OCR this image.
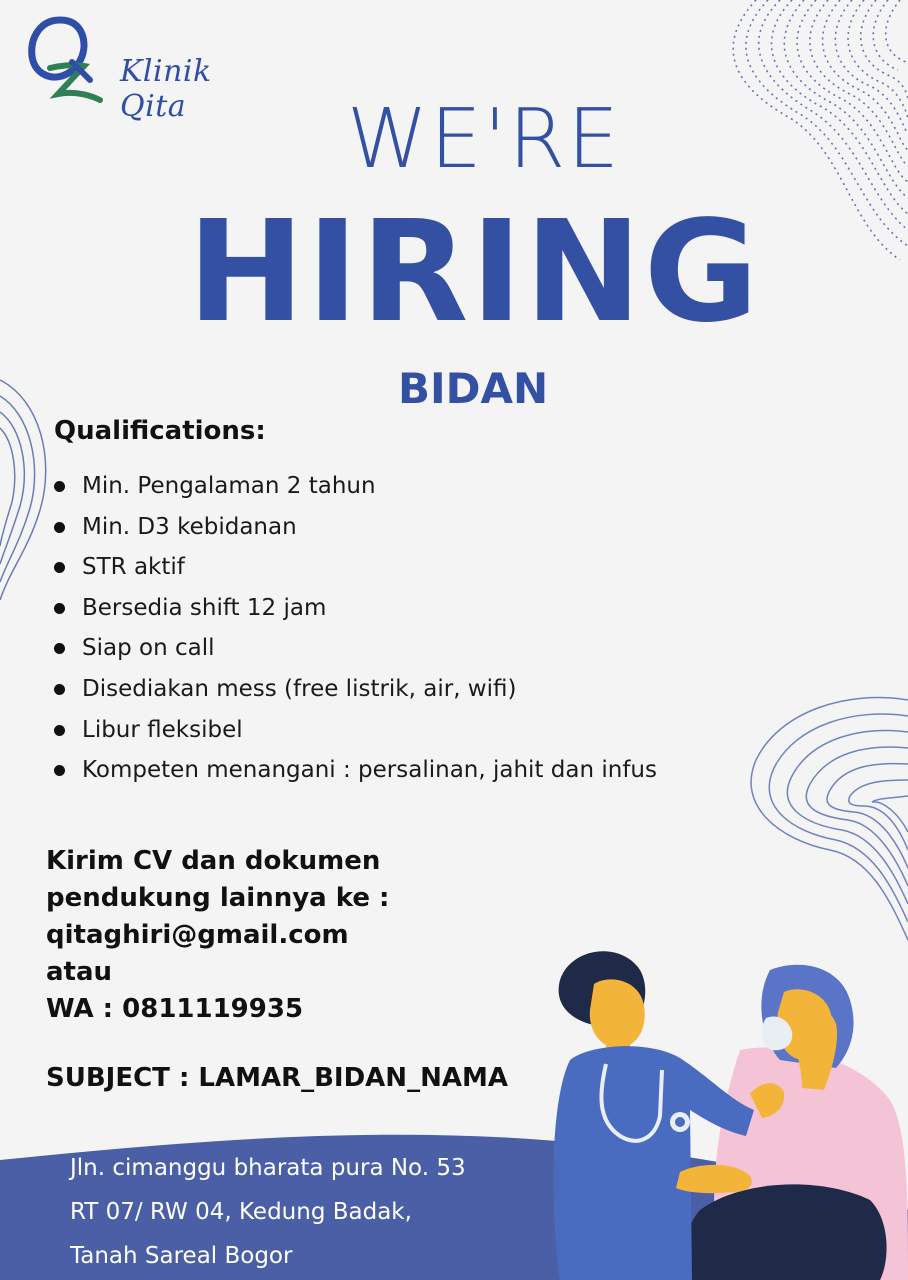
Klinik Qita	WE'RE
HIRING
BIDAN
Qualifications:
Min. Pengalaman 2 tahun
Min. D3 kebidanan
STR aktif
Bersedia shift 12 jam
Siap on call
Disediakan mess (free listrik, air, wifi)
Libur fleksibel
Kompeten menangani : persalinan, jahit dan infus
Kirim CV dan dokumen
pendukung lainnya ke :
qitaghiri@gmail.com
atau
WA : 0811119935
SUBJECT : LAMAR_BIDAN_NAMA
Jln. cimanggu bharata pura No. 53
RT 07/ RW 04, Kedung Badak,
Tanah Sareal Bogor
